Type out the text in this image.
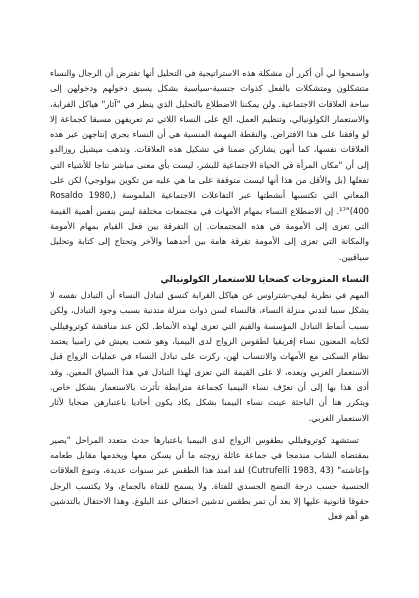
واسمحوا لي أن أكرر أن مشكلة هذه الاستراتيجية في التحليل أنها تفترض أن الرجال والنساء متشكلون ومتشكلات بالفعل كذوات جنسية-سياسية بشكل يسبق دخولهم ودخولهن إلى ساحة العلاقات الاجتماعية. ولن يمكننا الاضطلاع بالتحليل الذي ينظر في "آثار" هياكل القرابة، والاستعمار الكولونيالي، وتنظيم العمل، الخ على النساء اللاتي تم تعريفهن مسبقا كجماعة إلا لو وافقنا على هذا الافتراض. والنقطة المهمة المنسية هي أن النساء يجري إنتاجهن عبر هذه العلاقات نفسها، كما أنهن يشاركن ضمنا في تشكيل هذه العلاقات. وتذهب ميشيل روزالدو إلى أن "مكان المرأة في الحياة الاجتماعية للبشر، ليست بأي معنى مباشر نتاجا للأشياء التي تفعلها (بل والأقل من هذا أنها ليست متوقفة على ما هي عليه من تكوين بيولوجي) لكن على المعاني التي تكتسبها أنشطتها عبر التفاعلات الاجتماعية الملموسة (Rosaldo 1980, 400)"¹⁷. إن الاضطلاع النساء بمهام الأمهات في مجتمعات مختلفة ليس بنفس أهمية القيمة التي تعزى إلى الأمومة في هذه المجتمعات. إن التفرقة بين فعل القيام بمهام الأمومة والمكانة التي تعزى إلى الأمومة تفرقة هامة بين أحدهما والآخر وتحتاج إلى كتابة وتحليل سياقيين.

النساء المتزوجات كضحايا للاستعمار الكولونيالي

المهم في نظرية ليفي-شتراوس عن هياكل القرابة كنسق لتبادل النساء أن التبادل نفسه لا يشكل سببا لتدني منزلة النساء، فالنساء لسن ذوات منزلة متدنية بسبب وجود التبادل، ولكن بسبب أنماط التبادل المؤسسة والقيم التي تعزى لهذه الأنماط. لكن عند مناقشة كوتروفيللي لكتابه المعنون نساء إفريقيا لطقوس الزواج لدى البيمبا، وهو شعب يعيش في زامبيا يعتمد نظام السكنى مع الأمهات والانتساب لهن، ركزت على تبادل النساء في عمليات الزواج قبل الاستعمار الغربي وبعده، لا على القيمة التي تعزى لهذا التبادل في هذا السياق المعين. وقد أدى هذا بها إلى أن تعرّف نساء البيمبا كجماعة مترابطة تأثرت بالاستعمار بشكل خاص. ويتكرر هنا أن الباحثة عينت نساء البيمبا بشكل يكاد يكون أحاديا باعتبارهن ضحايا لآثار الاستعمار الغربي.

تستشهد كوتروفيللي بطقوس الزواج لدى البيمبا باعتبارها حدث متعدد المراحل "يصير بمقتضاه الشاب مندمجا في جماعة عائلة زوجته ما أن يسكن معها ويخدمها مقابل طعامه وإعاشته" (Cutrufelli 1983, 43) لقد امتد هذا الطقس عبر سنوات عديدة، وتنوع العلاقات الجنسية حسب درجة النضج الجسدي للفتاة. ولا يسمح للفتاة بالجماع، ولا يكتسب الرجل حقوقا قانونية عليها إلا بعد أن تمر بطقس تدشين احتفالي عند البلوغ. وهذا الاحتفال بالتدشين هو أهم فعل
